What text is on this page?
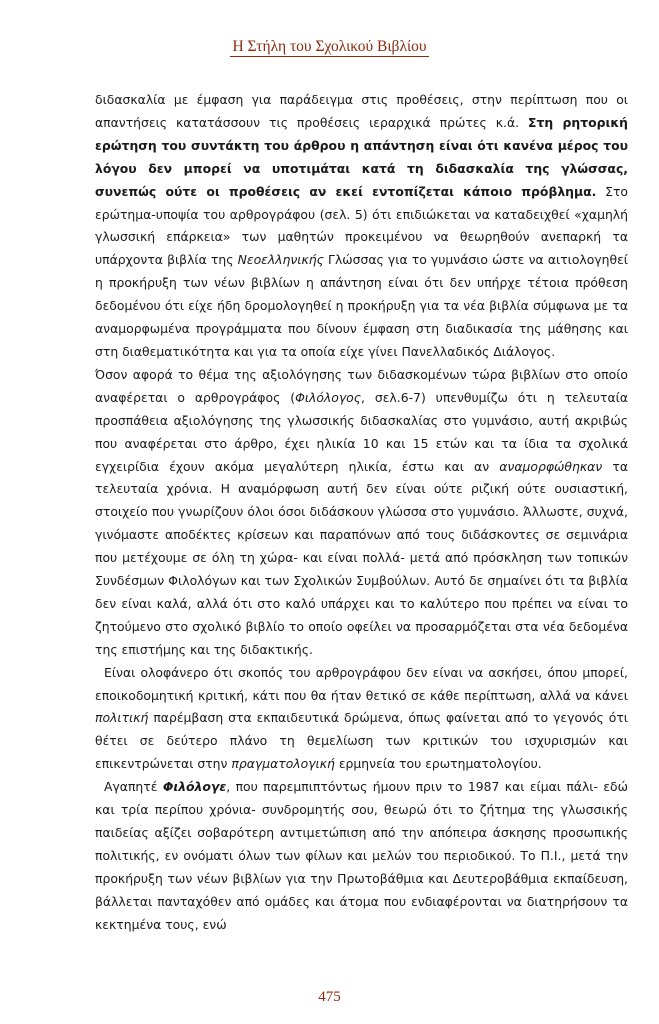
Η Στήλη του Σχολικού Βιβλίου

διδασκαλία με έμφαση για παράδειγμα στις προθέσεις, στην περίπτωση που οι απαντήσεις κατατάσσουν τις προθέσεις ιεραρχικά πρώτες κ.ά. Στη ρητορική ερώτηση του συντάκτη του άρθρου η απάντηση είναι ότι κανένα μέρος του λόγου δεν μπορεί να υποτιμάται κατά τη διδασκαλία της γλώσσας, συνεπώς ούτε οι προθέσεις αν εκεί εντοπίζεται κάποιο πρόβλημα. Στο ερώτημα-υποψία του αρθρογράφου (σελ. 5) ότι επιδιώκεται να καταδειχθεί «χαμηλή γλωσσική επάρκεια» των μαθητών προκειμένου να θεωρηθούν ανεπαρκή τα υπάρχοντα βιβλία της Νεοελληνικής Γλώσσας για το γυμνάσιο ώστε να αιτιολογηθεί η προκήρυξη των νέων βιβλίων η απάντηση είναι ότι δεν υπήρχε τέτοια πρόθεση δεδομένου ότι είχε ήδη δρομολογηθεί η προκήρυξη για τα νέα βιβλία σύμφωνα με τα αναμορφωμένα προγράμματα που δίνουν έμφαση στη διαδικασία της μάθησης και στη διαθεματικότητα και για τα οποία είχε γίνει Πανελλαδικός Διάλογος.

Όσον αφορά το θέμα της αξιολόγησης των διδασκομένων τώρα βιβλίων στο οποίο αναφέρεται ο αρθρογράφος (Φιλόλογος, σελ.6-7) υπενθυμίζω ότι η τελευταία προσπάθεια αξιολόγησης της γλωσσικής διδασκαλίας στο γυμνάσιο, αυτή ακριβώς που αναφέρεται στο άρθρο, έχει ηλικία 10 και 15 ετών και τα ίδια τα σχολικά εγχειρίδια έχουν ακόμα μεγαλύτερη ηλικία, έστω και αν αναμορφώθηκαν τα τελευταία χρόνια. Η αναμόρφωση αυτή δεν είναι ούτε ριζική ούτε ουσιαστική, στοιχείο που γνωρίζουν όλοι όσοι διδάσκουν γλώσσα στο γυμνάσιο. Άλλωστε, συχνά, γινόμαστε αποδέκτες κρίσεων και παραπόνων από τους διδάσκοντες σε σεμινάρια που μετέχουμε σε όλη τη χώρα- και είναι πολλά- μετά από πρόσκληση των τοπικών Συνδέσμων Φιλολόγων και των Σχολικών Συμβούλων. Αυτό δε σημαίνει ότι τα βιβλία δεν είναι καλά, αλλά ότι στο καλό υπάρχει και το καλύτερο που πρέπει να είναι το ζητούμενο στο σχολικό βιβλίο το οποίο οφείλει να προσαρμόζεται στα νέα δεδομένα της επιστήμης και της διδακτικής.

Είναι ολοφάνερο ότι σκοπός του αρθρογράφου δεν είναι να ασκήσει, όπου μπορεί, εποικοδομητική κριτική, κάτι που θα ήταν θετικό σε κάθε περίπτωση, αλλά να κάνει πολιτική παρέμβαση στα εκπαιδευτικά δρώμενα, όπως φαίνεται από το γεγονός ότι θέτει σε δεύτερο πλάνο τη θεμελίωση των κριτικών του ισχυρισμών και επικεντρώνεται στην πραγματολογική ερμηνεία του ερωτηματολογίου.

Αγαπητέ Φιλόλογε, που παρεμπιπτόντως ήμουν πριν το 1987 και είμαι πάλι- εδώ και τρία περίπου χρόνια- συνδρομητής σου, θεωρώ ότι το ζήτημα της γλωσσικής παιδείας αξίζει σοβαρότερη αντιμετώπιση από την απόπειρα άσκησης προσωπικής πολιτικής, εν ονόματι όλων των φίλων και μελών του περιοδικού. Το Π.Ι., μετά την προκήρυξη των νέων βιβλίων για την Πρωτοβάθμια και Δευτεροβάθμια εκπαίδευση, βάλλεται πανταχόθεν από ομάδες και άτομα που ενδιαφέρονται να διατηρήσουν τα κεκτημένα τους, ενώ

475
